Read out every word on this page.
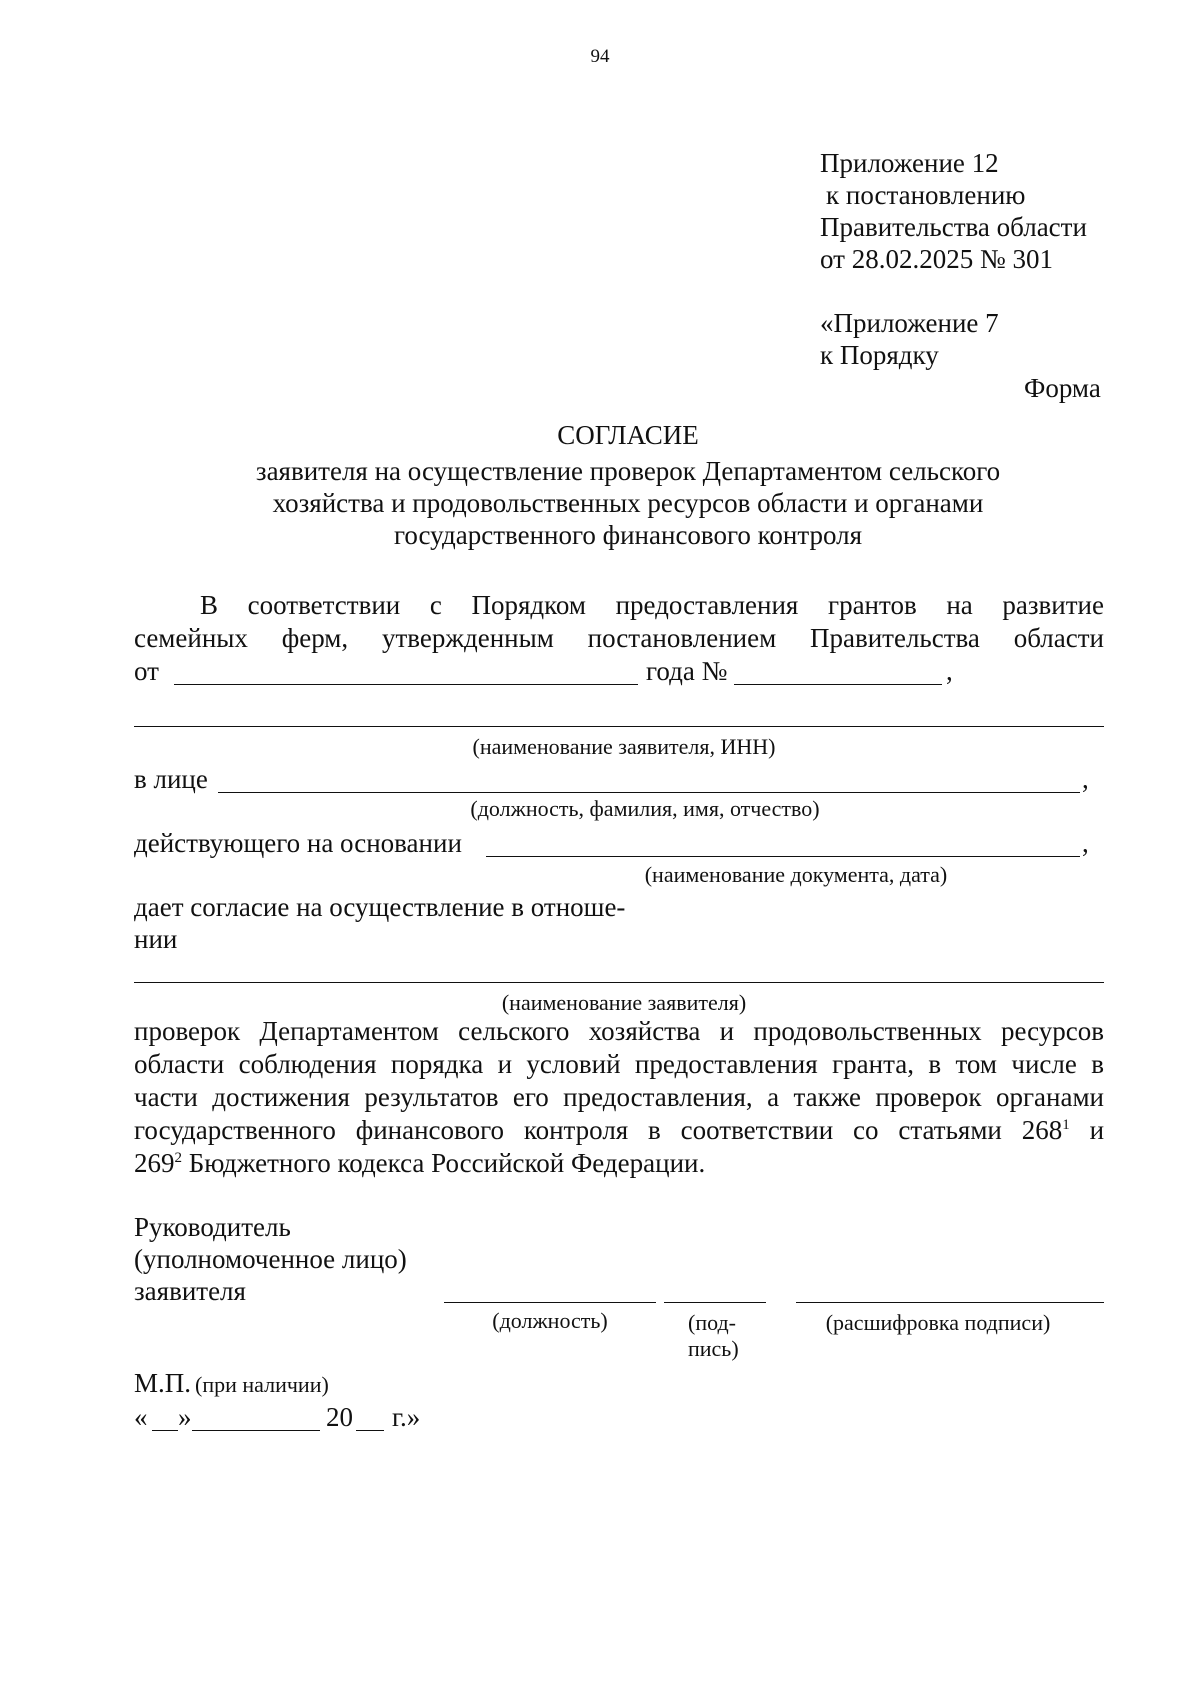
94
Приложение 12
к постановлению
Правительства области
от 28.02.2025 № 301
«Приложение 7
к Порядку
Форма
СОГЛАСИЕ
заявителя на осуществление проверок Департаментом сельского
хозяйства и продовольственных ресурсов области и органами
государственного финансового контроля
В соответствии с Порядком предоставления грантов на развитие
семейных ферм, утвержденным постановлением Правительства области
от	года №	,
(наименование заявителя, ИНН)
в лице	,
(должность, фамилия, имя, отчество)
действующего на основании	,
(наименование документа, дата)
дает согласие на осуществление в отноше-
нии
(наименование заявителя)
проверок Департаментом сельского хозяйства и продовольственных ресурсов
области соблюдения порядка и условий предоставления гранта, в том числе в
части достижения результатов его предоставления, а также проверок органами
государственного финансового контроля в соответствии со статьями $268^1$ и
$269^2$ Бюджетного кодекса Российской Федерации.
Руководитель
(уполномоченное лицо)
заявителя
(должность)	(под-
пись)
(расшифровка подписи)
М.П. (при наличии)
« »	20 г.»
